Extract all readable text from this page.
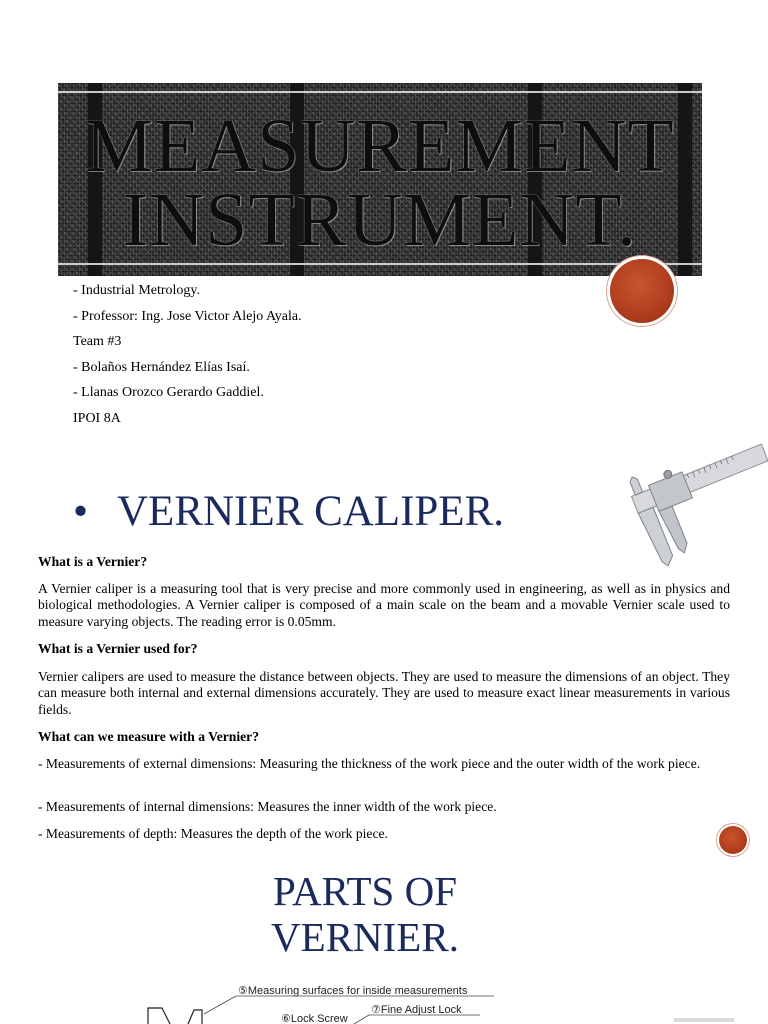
MEASUREMENT
INSTRUMENT.
- Industrial Metrology.
- Professor: Ing. Jose Victor Alejo Ayala.
Team #3
- Bolaños Hernández Elías Isaí.
- Llanas Orozco Gerardo Gaddiel.
IPOI 8A
• VERNIER CALIPER.
What is a Vernier?
A Vernier caliper is a measuring tool that is very precise and more commonly used in engineering, as well as in physics and biological methodologies. A Vernier caliper is composed of a main scale on the beam and a movable Vernier scale used to measure varying objects. The reading error is 0.05mm.
What is a Vernier used for?
Vernier calipers are used to measure the distance between objects. They are used to measure the dimensions of an object. They can measure both internal and external dimensions accurately. They are used to measure exact linear measurements in various fields.
What can we measure with a Vernier?
- Measurements of external dimensions: Measuring the thickness of the work piece and the outer width of the work piece.
- Measurements of internal dimensions: Measures the inner width of the work piece.
- Measurements of depth: Measures the depth of the work piece.
PARTS OF
VERNIER.
⑤Measuring surfaces for inside measurements
⑦Fine Adjust Lock
⑥Lock Screw
